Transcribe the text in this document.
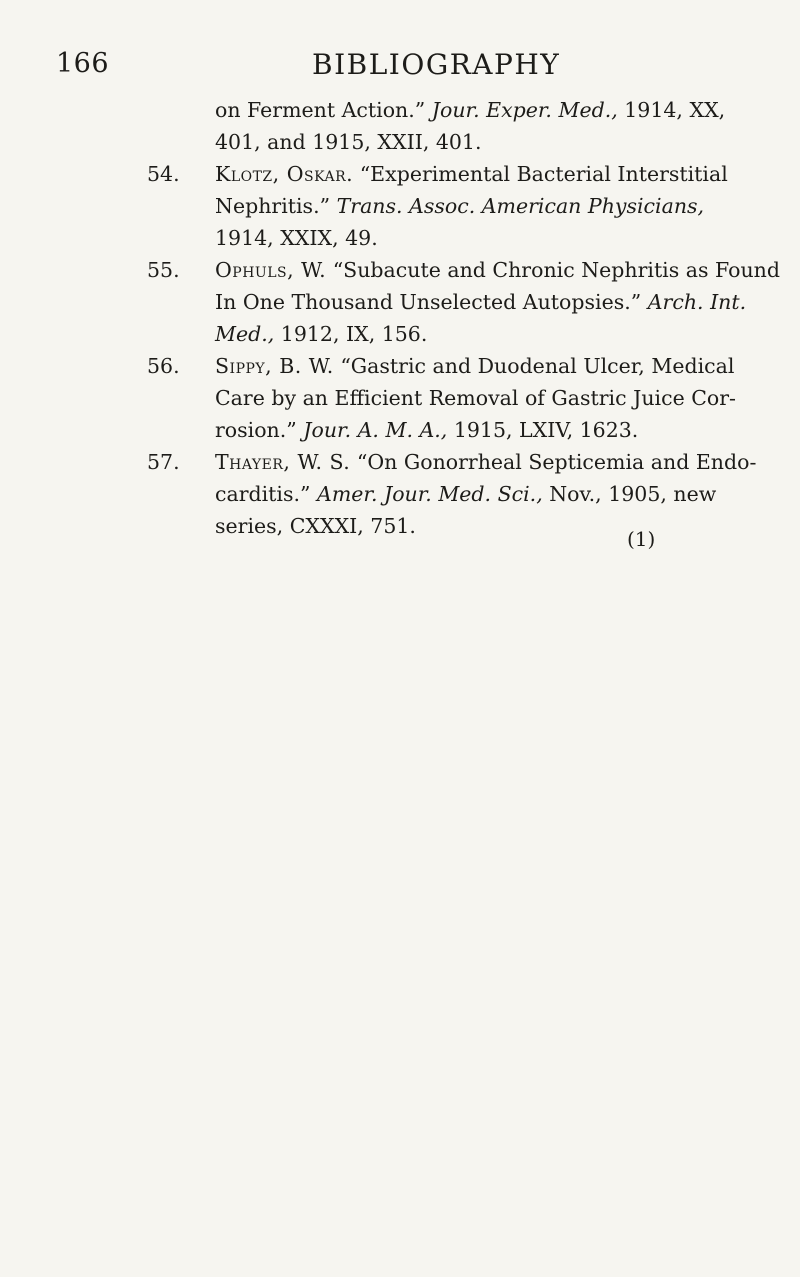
166	BIBLIOGRAPHY
on Ferment Action.” Jour. Exper. Med., 1914, XX,
401, and 1915, XXII, 401.
54. Klotz, Oskar. “Experimental Bacterial Interstitial
Nephritis.” Trans. Assoc. American Physicians,
1914, XXIX, 49.
55. Ophuls, W. “Subacute and Chronic Nephritis as Found
In One Thousand Unselected Autopsies.” Arch. Int.
Med., 1912, IX, 156.
56. Sippy, B. W. “Gastric and Duodenal Ulcer, Medical
Care by an Efficient Removal of Gastric Juice Cor-
rosion.” Jour. A. M. A., 1915, LXIV, 1623.
57. Thayer, W. S. “On Gonorrheal Septicemia and Endo-
carditis.” Amer. Jour. Med. Sci., Nov., 1905, new
series, CXXXI, 751.
(1)
